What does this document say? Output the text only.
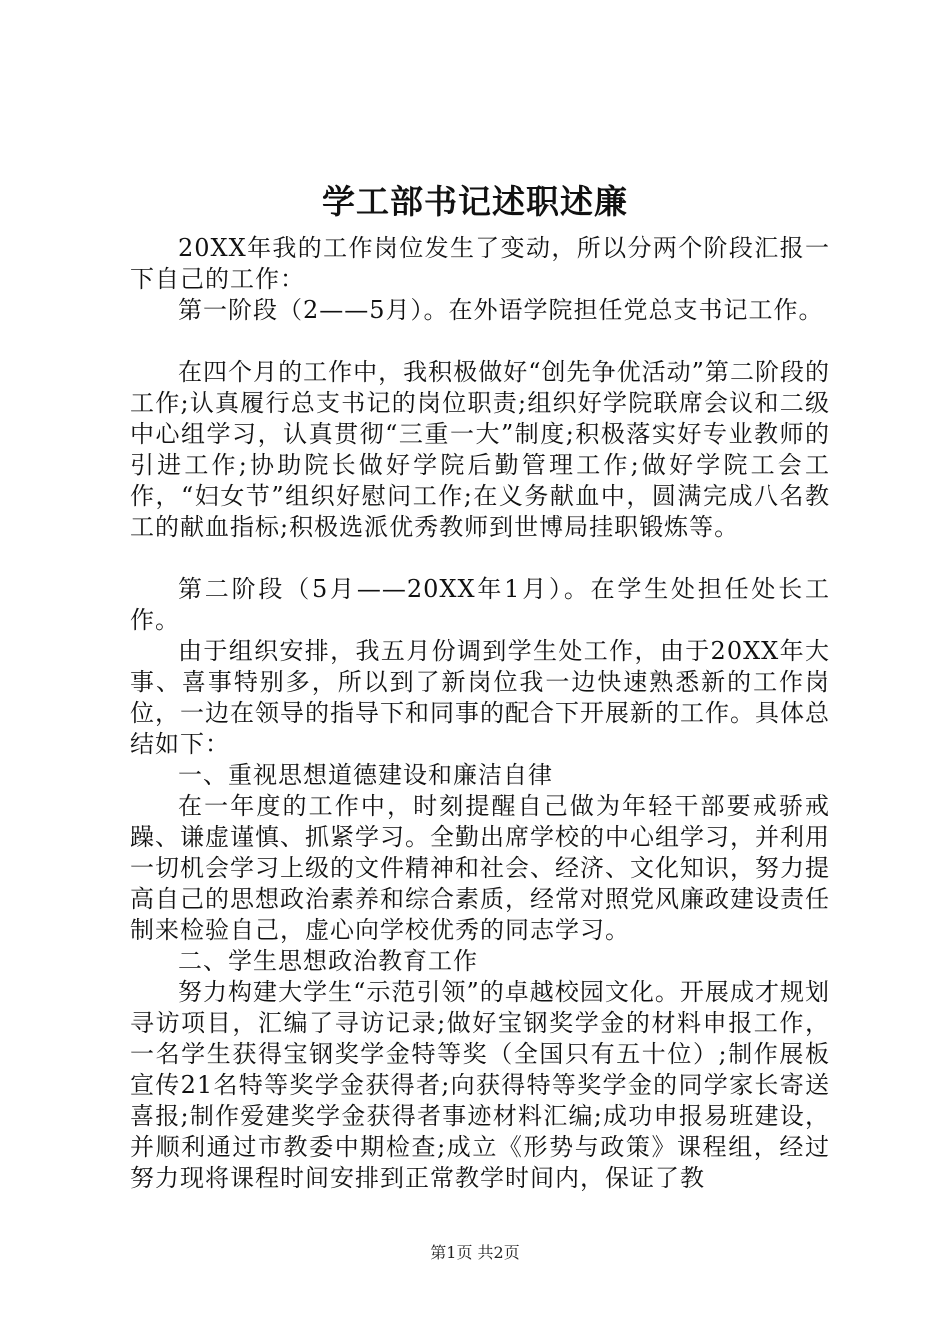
学工部书记述职述廉

20XX年我的工作岗位发生了变动，所以分两个阶段汇报一下自己的工作：

第一阶段（2——5月）。在外语学院担任党总支书记工作。

在四个月的工作中，我积极做好“创先争优活动”第二阶段的工作;认真履行总支书记的岗位职责;组织好学院联席会议和二级中心组学习，认真贯彻“三重一大”制度;积极落实好专业教师的引进工作;协助院长做好学院后勤管理工作;做好学院工会工作，“妇女节”组织好慰问工作;在义务献血中，圆满完成八名教工的献血指标;积极选派优秀教师到世博局挂职锻炼等。

第二阶段（5月——20XX年1月）。在学生处担任处长工作。

由于组织安排，我五月份调到学生处工作，由于20XX年大事、喜事特别多，所以到了新岗位我一边快速熟悉新的工作岗位，一边在领导的指导下和同事的配合下开展新的工作。具体总结如下：

一、重视思想道德建设和廉洁自律

在一年度的工作中，时刻提醒自己做为年轻干部要戒骄戒躁、谦虚谨慎、抓紧学习。全勤出席学校的中心组学习，并利用一切机会学习上级的文件精神和社会、经济、文化知识，努力提高自己的思想政治素养和综合素质，经常对照党风廉政建设责任制来检验自己，虚心向学校优秀的同志学习。

二、学生思想政治教育工作

努力构建大学生“示范引领”的卓越校园文化。开展成才规划寻访项目，汇编了寻访记录;做好宝钢奖学金的材料申报工作，一名学生获得宝钢奖学金特等奖（全国只有五十位）;制作展板宣传21名特等奖学金获得者;向获得特等奖学金的同学家长寄送喜报;制作爱建奖学金获得者事迹材料汇编;成功申报易班建设，并顺利通过市教委中期检查;成立《形势与政策》课程组，经过努力现将课程时间安排到正常教学时间内，保证了教

第1页 共2页
